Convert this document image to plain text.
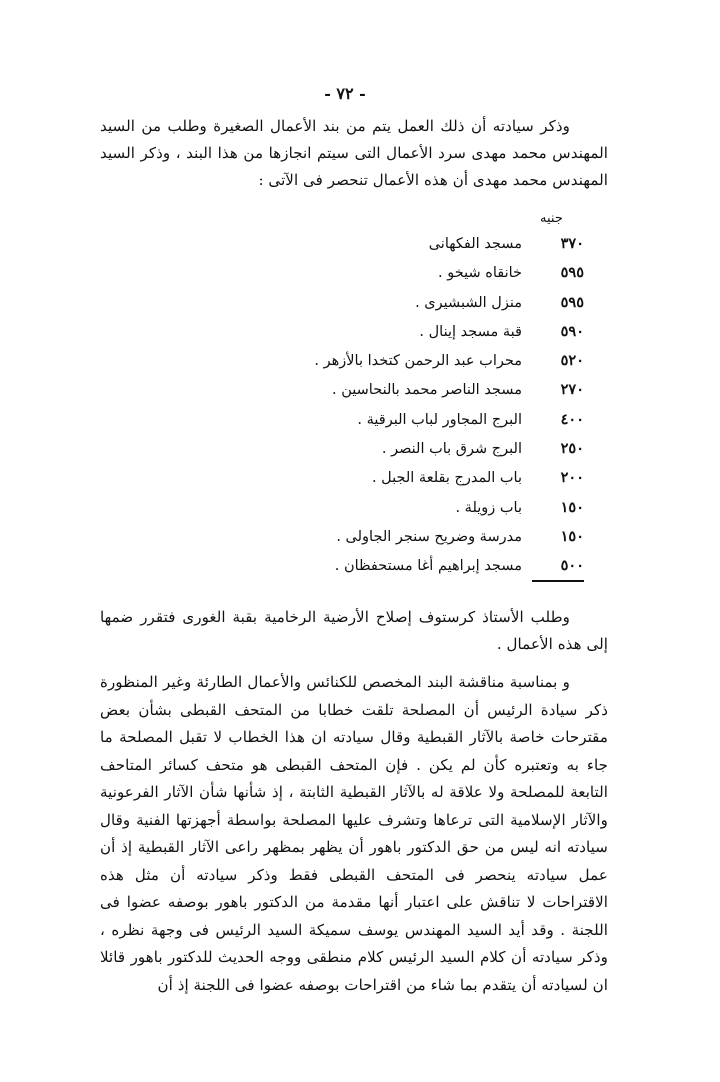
- ٧٢ -

وذكر سيادته أن ذلك العمل يتم من بند الأعمال الصغيرة وطلب من السيد المهندس محمد مهدى سرد الأعمال التى سيتم انجازها من هذا البند ، وذكر السيد المهندس محمد مهدى أن هذه الأعمال تنحصر فى الآتى :

جنيه
٣٧٠
مسجد الفكهانى
٥٩٥
خانقاه شيخو .
٥٩٥
منزل الشبشيرى .
٥٩٠
قبة مسجد إينال .
٥٢٠
محراب عبد الرحمن كتخدا بالأزهر .
٢٧٠
مسجد الناصر محمد بالنحاسين .
٤٠٠
البرج المجاور لباب البرقية .
٢٥٠
البرج شرق باب النصر .
٢٠٠
باب المدرج بقلعة الجبل .
١٥٠
باب زويلة .
١٥٠
مدرسة وضريح سنجر الجاولى .
٥٠٠
مسجد إبراهيم أغا مستحفظان .

وطلب الأستاذ كرستوف إصلاح الأرضية الرخامية بقبة الغورى فتقرر ضمها إلى هذه الأعمال .

و بمناسبة مناقشة البند المخصص للكنائس والأعمال الطارئة وغير المنظورة ذكر سيادة الرئيس أن المصلحة تلقت خطابا من المتحف القبطى بشأن بعض مقترحات خاصة بالآثار القبطية وقال سيادته ان هذا الخطاب لا تقبل المصلحة ما جاء به وتعتبره كأن لم يكن . فإن المتحف القبطى هو متحف كسائر المتاحف التابعة للمصلحة ولا علاقة له بالآثار القبطية الثابتة ، إذ شأنها شأن الآثار الفرعونية والآثار الإسلامية التى ترعاها وتشرف عليها المصلحة بواسطة أجهزتها الفنية وقال سيادته انه ليس من حق الدكتور باهور أن يظهر بمظهر راعى الآثار القبطية إذ أن عمل سيادته ينحصر فى المتحف القبطى فقط وذكر سيادته أن مثل هذه الاقتراحات لا تناقش على اعتبار أنها مقدمة من الدكتور باهور بوصفه عضوا فى اللجنة . وقد أيد السيد المهندس يوسف سميكة السيد الرئيس فى وجهة نظره ، وذكر سيادته أن كلام السيد الرئيس كلام منطقى ووجه الحديث للدكتور باهور قائلا ان لسيادته أن يتقدم بما شاء من اقتراحات بوصفه عضوا فى اللجنة إذ أن
